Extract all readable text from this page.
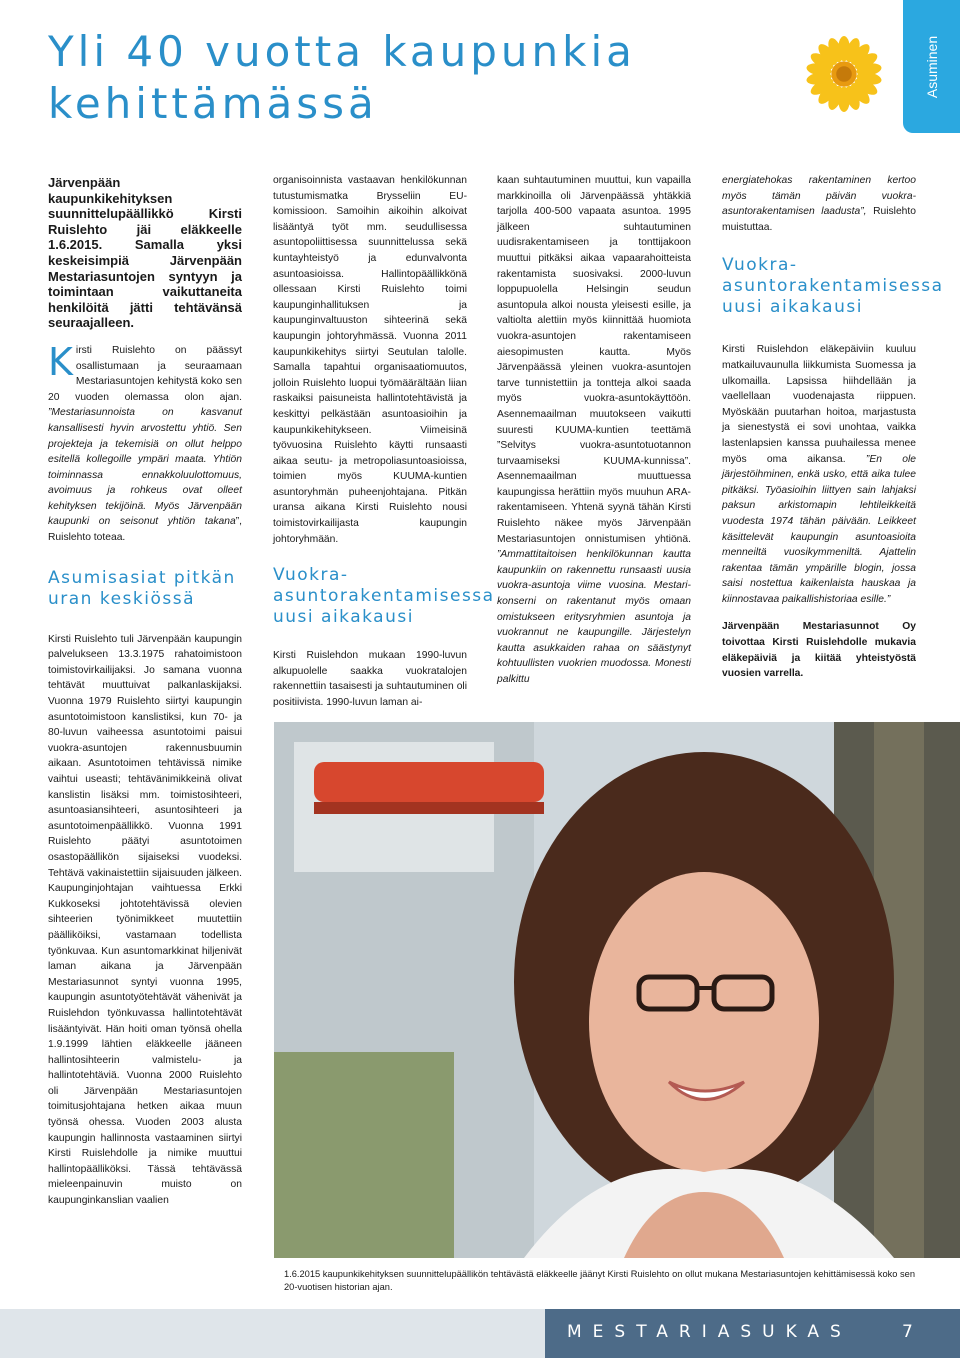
Yli 40 vuotta kaupunkia
kehittämässä
Asuminen

Järvenpään kaupunkikehityksen suunnittelupäällikkö Kirsti Ruislehto jäi eläkkeelle 1.6.2015. Samalla yksi keskeisimpiä Järvenpään Mestariasuntojen syntyyn ja toimintaan vaikuttaneita henkilöitä jätti tehtävänsä seuraajalleen.

Kirsti Ruislehto on päässyt osallistumaan ja seuraamaan Mestariasuntojen kehitystä koko sen 20 vuoden olemassa olon ajan. ”Mestariasunnoista on kasvanut kansallisesti hyvin arvostettu yhtiö. Sen projekteja ja tekemisiä on ollut helppo esitellä kollegoille ympäri maata. Yhtiön toiminnassa ennakkoluulottomuus, avoimuus ja rohkeus ovat olleet kehityksen tekijöinä. Myös Järvenpään kaupunki on seisonut yhtiön takana”, Ruislehto toteaa.

Asumisasiat pitkän uran keskiössä

Kirsti Ruislehto tuli Järvenpään kaupungin palvelukseen 13.3.1975 rahatoimistoon toimistovirkailijaksi. Jo samana vuonna tehtävät muuttuivat palkanlaskijaksi. Vuonna 1979 Ruislehto siirtyi kaupungin asuntotoimistoon kanslistiksi, kun 70- ja 80-luvun vaiheessa asuntotoimi paisui vuokra-asuntojen rakennusbuumin aikaan. Asuntotoimen tehtävissä nimike vaihtui useasti; tehtävänimikkeinä olivat kanslistin lisäksi mm. toimistosihteeri, asuntoasiansihteeri, asuntosihteeri ja asuntotoimenpäällikkö. Vuonna 1991 Ruislehto päätyi asuntotoimen osastopäällikön sijaiseksi vuodeksi. Tehtävä vakinaistettiin sijaisuuden jälkeen. Kaupunginjohtajan vaihtuessa Erkki Kukkoseksi johtotehtävissä olevien sihteerien työnimikkeet muutettiin päälliköiksi, vastamaan todellista työnkuvaa. Kun asuntomarkkinat hiljenivät laman aikana ja Järvenpään Mestariasunnot syntyi vuonna 1995, kaupungin asuntotyötehtävät vähenivät ja Ruislehdon työnkuvassa hallintotehtävät lisääntyivät. Hän hoiti oman työnsä ohella 1.9.1999 lähtien eläkkeelle jääneen hallintosihteerin valmistelu- ja hallintotehtäviä. Vuonna 2000 Ruislehto oli Järvenpään Mestariasuntojen toimitusjohtajana hetken aikaa muun työnsä ohessa. Vuoden 2003 alusta kaupungin hallinnosta vastaaminen siirtyi Kirsti Ruislehdolle ja nimike muuttui hallintopäälliköksi. Tässä tehtävässä mieleenpainuvin muisto on kaupunginkanslian vaalien

organisoinnista vastaavan henkilökunnan tutustumismatka Brysseliin EU-komissioon. Samoihin aikoihin alkoivat lisääntyä työt mm. seudullisessa asuntopoliittisessa suunnittelussa sekä kuntayhteistyö ja edunvalvonta asuntoasioissa. Hallintopäällikkönä ollessaan Kirsti Ruislehto toimi kaupunginhallituksen ja kaupunginvaltuuston sihteerinä sekä kaupungin johtoryhmässä. Vuonna 2011 kaupunkikehitys siirtyi Seutulan talolle. Samalla tapahtui organisaatiomuutos, jolloin Ruislehto luopui työmäärältään liian raskaiksi paisuneista hallintotehtävistä ja keskittyi pelkästään asuntoasioihin ja kaupunkikehitykseen. Viimeisinä työvuosina Ruislehto käytti runsaasti aikaa seutu- ja metropoliasuntoasioissa, toimien myös KUUMA-kuntien asuntoryhmän puheenjohtajana. Pitkän uransa aikana Kirsti Ruislehto nousi toimistovirkailijasta kaupungin johtoryhmään.

Vuokra-asuntorakentamisessa uusi aikakausi

Kirsti Ruislehdon mukaan 1990-luvun alkupuolelle saakka vuokratalojen rakennettiin tasaisesti ja suhtautuminen oli positiivista. 1990-luvun laman ai-

kaan suhtautuminen muuttui, kun vapailla markkinoilla oli Järvenpäässä yhtäkkiä tarjolla 400-500 vapaata asuntoa. 1995 jälkeen suhtautuminen uudisrakentamiseen ja tonttijakoon muuttui pitkäksi aikaa vapaarahoitteista rakentamista suosivaksi. 2000-luvun loppupuolella Helsingin seudun asuntopula alkoi nousta yleisesti esille, ja valtiolta alettiin myös kiinnittää huomiota vuokra-asuntojen rakentamiseen aiesopimusten kautta. Myös Järvenpäässä yleinen vuokra-asuntojen tarve tunnistettiin ja tontteja alkoi saada myös vuokra-asuntokäyttöön. Asennemaailman muutokseen vaikutti suuresti KUUMA-kuntien teettämä ”Selvitys vuokra-asuntotuotannon turvaamiseksi KUUMA-kunnissa”. Asennemaailman muuttuessa kaupungissa herättiin myös muuhun ARA-rakentamiseen. Yhtenä syynä tähän Kirsti Ruislehto näkee myös Järvenpään Mestariasuntojen onnistumisen yhtiönä. ”Ammattitaitoisen henkilökunnan kautta kaupunkiin on rakennettu runsaasti uusia vuokra-asuntoja viime vuosina. Mestari-konserni on rakentanut myös omaan omistukseen eritysryhmien asuntoja ja vuokrannut ne kaupungille. Järjestelyn kautta asukkaiden rahaa on säästynyt kohtuullisten vuokrien muodossa. Monesti palkittu

energiatehokas rakentaminen kertoo myös tämän päivän vuokra-asuntorakentamisen laadusta”, Ruislehto muistuttaa.

Vuokra-asuntorakentamisessa uusi aikakausi

Kirsti Ruislehdon eläkepäiviin kuuluu matkailuvaunulla liikkumista Suomessa ja ulkomailla. Lapsissa hiihdellään ja vaellellaan vuodenajasta riippuen. Myöskään puutarhan hoitoa, marjastusta ja sienestystä ei sovi unohtaa, vaikka lastenlapsien kanssa puuhailessa menee myös oma aikansa. ”En ole järjestöihminen, enkä usko, että aika tulee pitkäksi. Työasioihin liittyen sain lahjaksi paksun arkistomapin lehtileikkeitä vuodesta 1974 tähän päivään. Leikkeet käsittelevät kaupungin asuntoasioita menneiltä vuosikymmeniltä. Ajattelin rakentaa tämän ympärille blogin, jossa saisi nostettua kaikenlaista hauskaa ja kiinnostavaa paikallishistoriaa esille.”

Järvenpään Mestariasunnot Oy toivottaa Kirsti Ruislehdolle mukavia eläkepäiviä ja kiitää yhteistyöstä vuosien varrella.

1.6.2015 kaupunkikehityksen suunnittelupäällikön tehtävästä eläkkeelle jäänyt Kirsti Ruislehto on ollut mukana Mestariasuntojen kehittämisessä koko sen 20-vuotisen historian ajan.

MESTARIASUKAS	7
